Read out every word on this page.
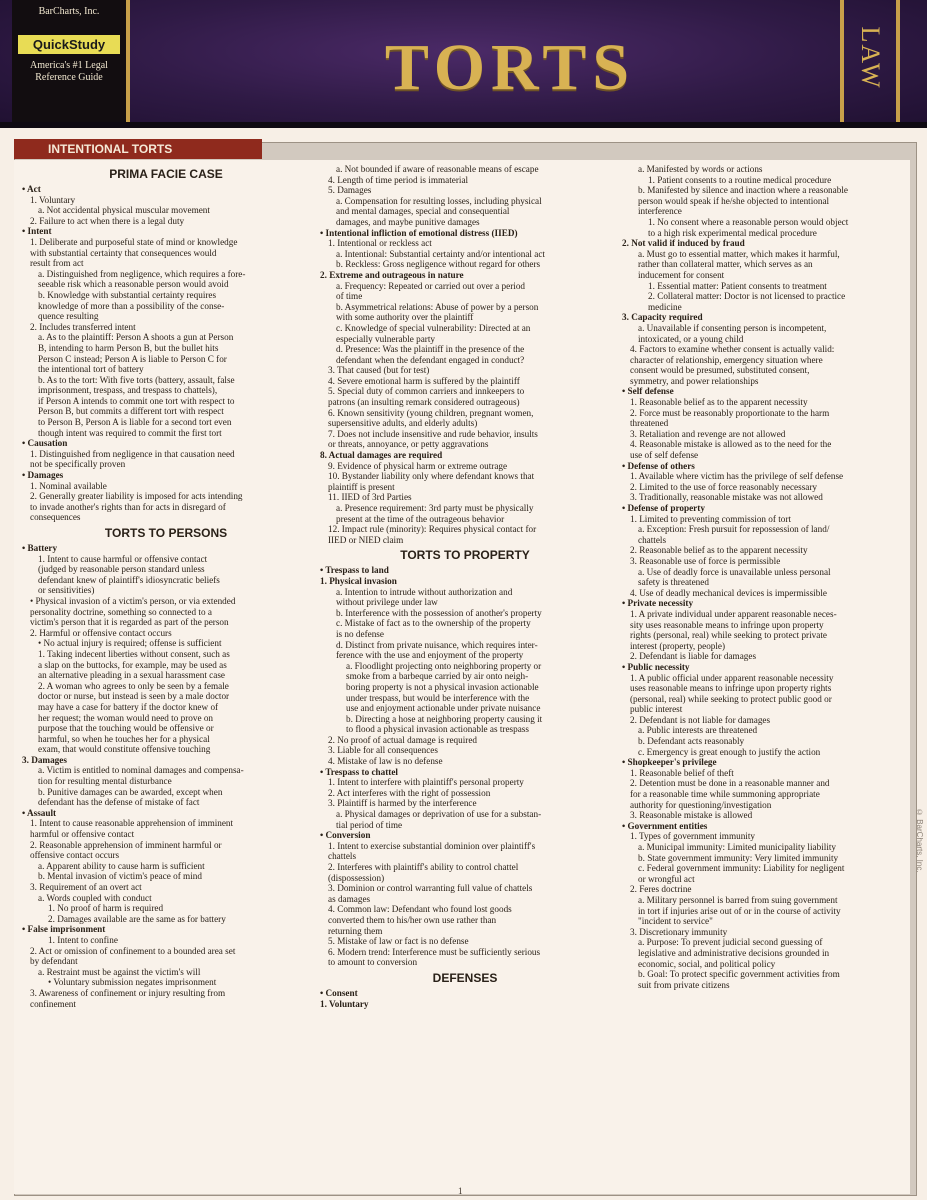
BarCharts, Inc.
QuickStudy
America's #1 Legal Reference Guide	TORTS	LAW
INTENTIONAL TORTS
PRIMA FACIE CASE
• Act
1. Voluntary
a. Not accidental physical muscular movement
2. Failure to act when there is a legal duty
• Intent
1. Deliberate and purposeful state of mind or knowledge
with substantial certainty that consequences would
result from act
a. Distinguished from negligence, which requires a fore-
seeable risk which a reasonable person would avoid
b. Knowledge with substantial certainty requires
knowledge of more than a possibility of the conse-
quence resulting
2. Includes transferred intent
a. As to the plaintiff: Person A shoots a gun at Person
B, intending to harm Person B, but the bullet hits
Person C instead; Person A is liable to Person C for
the intentional tort of battery
b. As to the tort: With five torts (battery, assault, false
imprisonment, trespass, and trespass to chattels),
if Person A intends to commit one tort with respect to
Person B, but commits a different tort with respect
to Person B, Person A is liable for a second tort even
though intent was required to commit the first tort
• Causation
1. Distinguished from negligence in that causation need
not be specifically proven
• Damages
1. Nominal available
2. Generally greater liability is imposed for acts intending
to invade another's rights than for acts in disregard of
consequences
TORTS TO PERSONS
• Battery
1. Intent to cause harmful or offensive contact
(judged by reasonable person standard unless
defendant knew of plaintiff's idiosyncratic beliefs
or sensitivities)
• Physical invasion of a victim's person, or via extended
personality doctrine, something so connected to a
victim's person that it is regarded as part of the person
2. Harmful or offensive contact occurs
• No actual injury is required; offense is sufficient
1. Taking indecent liberties without consent, such as
a slap on the buttocks, for example, may be used as
an alternative pleading in a sexual harassment case
2. A woman who agrees to only be seen by a female
doctor or nurse, but instead is seen by a male doctor
may have a case for battery if the doctor knew of
her request; the woman would need to prove on
purpose that the touching would be offensive or
harmful, so when he touches her for a physical
exam, that would constitute offensive touching
3. Damages
a. Victim is entitled to nominal damages and compensa-
tion for resulting mental disturbance
b. Punitive damages can be awarded, except when
defendant has the defense of mistake of fact
• Assault
1. Intent to cause reasonable apprehension of imminent
harmful or offensive contact
2. Reasonable apprehension of imminent harmful or
offensive contact occurs
a. Apparent ability to cause harm is sufficient
b. Mental invasion of victim's peace of mind
3. Requirement of an overt act
a. Words coupled with conduct
1. No proof of harm is required
2. Damages available are the same as for battery
• False imprisonment
1. Intent to confine
2. Act or omission of confinement to a bounded area set
by defendant
a. Restraint must be against the victim's will
• Voluntary submission negates imprisonment
3. Awareness of confinement or injury resulting from
confinement
a. Not bounded if aware of reasonable means of escape
4. Length of time period is immaterial
5. Damages
a. Compensation for resulting losses, including physical
and mental damages, special and consequential
damages, and maybe punitive damages
• Intentional infliction of emotional distress (IIED)
1. Intentional or reckless act
a. Intentional: Substantial certainty and/or intentional act
b. Reckless: Gross negligence without regard for others
2. Extreme and outrageous in nature
a. Frequency: Repeated or carried out over a period
of time
b. Asymmetrical relations: Abuse of power by a person
with some authority over the plaintiff
c. Knowledge of special vulnerability: Directed at an
especially vulnerable party
d. Presence: Was the plaintiff in the presence of the
defendant when the defendant engaged in conduct?
3. That caused (but for test)
4. Severe emotional harm is suffered by the plaintiff
5. Special duty of common carriers and innkeepers to
patrons (an insulting remark considered outrageous)
6. Known sensitivity (young children, pregnant women,
supersensitive adults, and elderly adults)
7. Does not include insensitive and rude behavior, insults
or threats, annoyance, or petty aggravations
8. Actual damages are required
9. Evidence of physical harm or extreme outrage
10. Bystander liability only where defendant knows that
plaintiff is present
11. IIED of 3rd Parties
a. Presence requirement: 3rd party must be physically
present at the time of the outrageous behavior
12. Impact rule (minority): Requires physical contact for
IIED or NIED claim
TORTS TO PROPERTY
• Trespass to land
1. Physical invasion
a. Intention to intrude without authorization and
without privilege under law
b. Interference with the possession of another's property
c. Mistake of fact as to the ownership of the property
is no defense
d. Distinct from private nuisance, which requires inter-
ference with the use and enjoyment of the property
a. Floodlight projecting onto neighboring property or
smoke from a barbeque carried by air onto neigh-
boring property is not a physical invasion actionable
under trespass, but would be interference with the
use and enjoyment actionable under private nuisance
b. Directing a hose at neighboring property causing it
to flood a physical invasion actionable as trespass
2. No proof of actual damage is required
3. Liable for all consequences
4. Mistake of law is no defense
• Trespass to chattel
1. Intent to interfere with plaintiff's personal property
2. Act interferes with the right of possession
3. Plaintiff is harmed by the interference
a. Physical damages or deprivation of use for a substan-
tial period of time
• Conversion
1. Intent to exercise substantial dominion over plaintiff's
chattels
2. Interferes with plaintiff's ability to control chattel
(dispossession)
3. Dominion or control warranting full value of chattels
as damages
4. Common law: Defendant who found lost goods
converted them to his/her own use rather than
returning them
5. Mistake of law or fact is no defense
6. Modern trend: Interference must be sufficiently serious
to amount to conversion
DEFENSES
• Consent
1. Voluntary
a. Manifested by words or actions
1. Patient consents to a routine medical procedure
b. Manifested by silence and inaction where a reasonable
person would speak if he/she objected to intentional
interference
1. No consent where a reasonable person would object
to a high risk experimental medical procedure
2. Not valid if induced by fraud
a. Must go to essential matter, which makes it harmful,
rather than collateral matter, which serves as an
inducement for consent
1. Essential matter: Patient consents to treatment
2. Collateral matter: Doctor is not licensed to practice
medicine
3. Capacity required
a. Unavailable if consenting person is incompetent,
intoxicated, or a young child
4. Factors to examine whether consent is actually valid:
character of relationship, emergency situation where
consent would be presumed, substituted consent,
symmetry, and power relationships
• Self defense
1. Reasonable belief as to the apparent necessity
2. Force must be reasonably proportionate to the harm
threatened
3. Retaliation and revenge are not allowed
4. Reasonable mistake is allowed as to the need for the
use of self defense
• Defense of others
1. Available where victim has the privilege of self defense
2. Limited to the use of force reasonably necessary
3. Traditionally, reasonable mistake was not allowed
• Defense of property
1. Limited to preventing commission of tort
a. Exception: Fresh pursuit for repossession of land/
chattels
2. Reasonable belief as to the apparent necessity
3. Reasonable use of force is permissible
a. Use of deadly force is unavailable unless personal
safety is threatened
4. Use of deadly mechanical devices is impermissible
• Private necessity
1. A private individual under apparent reasonable neces-
sity uses reasonable means to infringe upon property
rights (personal, real) while seeking to protect private
interest (property, people)
2. Defendant is liable for damages
• Public necessity
1. A public official under apparent reasonable necessity
uses reasonable means to infringe upon property rights
(personal, real) while seeking to protect public good or
public interest
2. Defendant is not liable for damages
a. Public interests are threatened
b. Defendant acts reasonably
c. Emergency is great enough to justify the action
• Shopkeeper's privilege
1. Reasonable belief of theft
2. Detention must be done in a reasonable manner and
for a reasonable time while summoning appropriate
authority for questioning/investigation
3. Reasonable mistake is allowed
• Government entities
1. Types of government immunity
a. Municipal immunity: Limited municipality liability
b. State government immunity: Very limited immunity
c. Federal government immunity: Liability for negligent
or wrongful act
2. Feres doctrine
a. Military personnel is barred from suing government
in tort if injuries arise out of or in the course of activity
"incident to service"
3. Discretionary immunity
a. Purpose: To prevent judicial second guessing of
legislative and administrative decisions grounded in
economic, social, and political policy
b. Goal: To protect specific government activities from
suit from private citizens
© BarCharts, Inc.
1
